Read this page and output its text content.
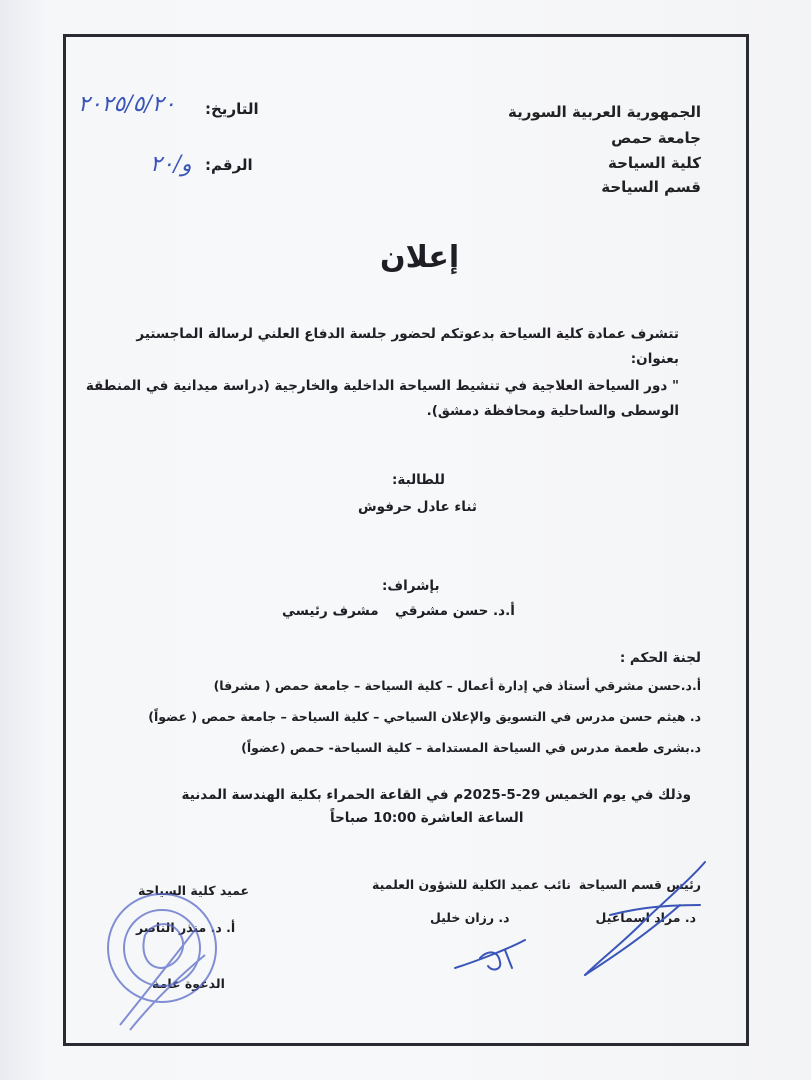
الجمهورية العربية السورية
جامعة حمص
كلية السياحة
قسم السياحة
التاريخ:
٢٠٢٥/٥/٢٠
الرقم:
و/٢٠
إعلان
تتشرف عمادة كلية السياحة بدعوتكم لحضور جلسة الدفاع العلني لرسالة الماجستير
بعنوان:
" دور السياحة العلاجية في تنشيط السياحة الداخلية والخارجية (دراسة ميدانية في المنطقة
الوسطى والساحلية ومحافظة دمشق).
للطالبة:
ثناء عادل حرفوش
بإشراف:
أ.د. حسن مشرقي
مشرف رئيسي
لجنة الحكم :
أ.د.حسن مشرقي أستاذ في إدارة أعمال – كلية السياحة – جامعة حمص ( مشرفا)
د. هيثم حسن مدرس في التسويق والإعلان السياحي – كلية السياحة – جامعة حمص ( عضواً)
د.بشرى طعمة مدرس في السياحة المستدامة – كلية السياحة- حمص (عضواً)
وذلك في يوم الخميس 29-5-2025م في القاعة الحمراء بكلية الهندسة المدنية
الساعة العاشرة 10:00 صباحاً
رئيس قسم السياحة
د. مراد اسماعيل
نائب عميد الكلية للشؤون العلمية
د. رزان خليل
عميد كلية السياحة
أ. د. منذر الناصر
الدعوة عامة
